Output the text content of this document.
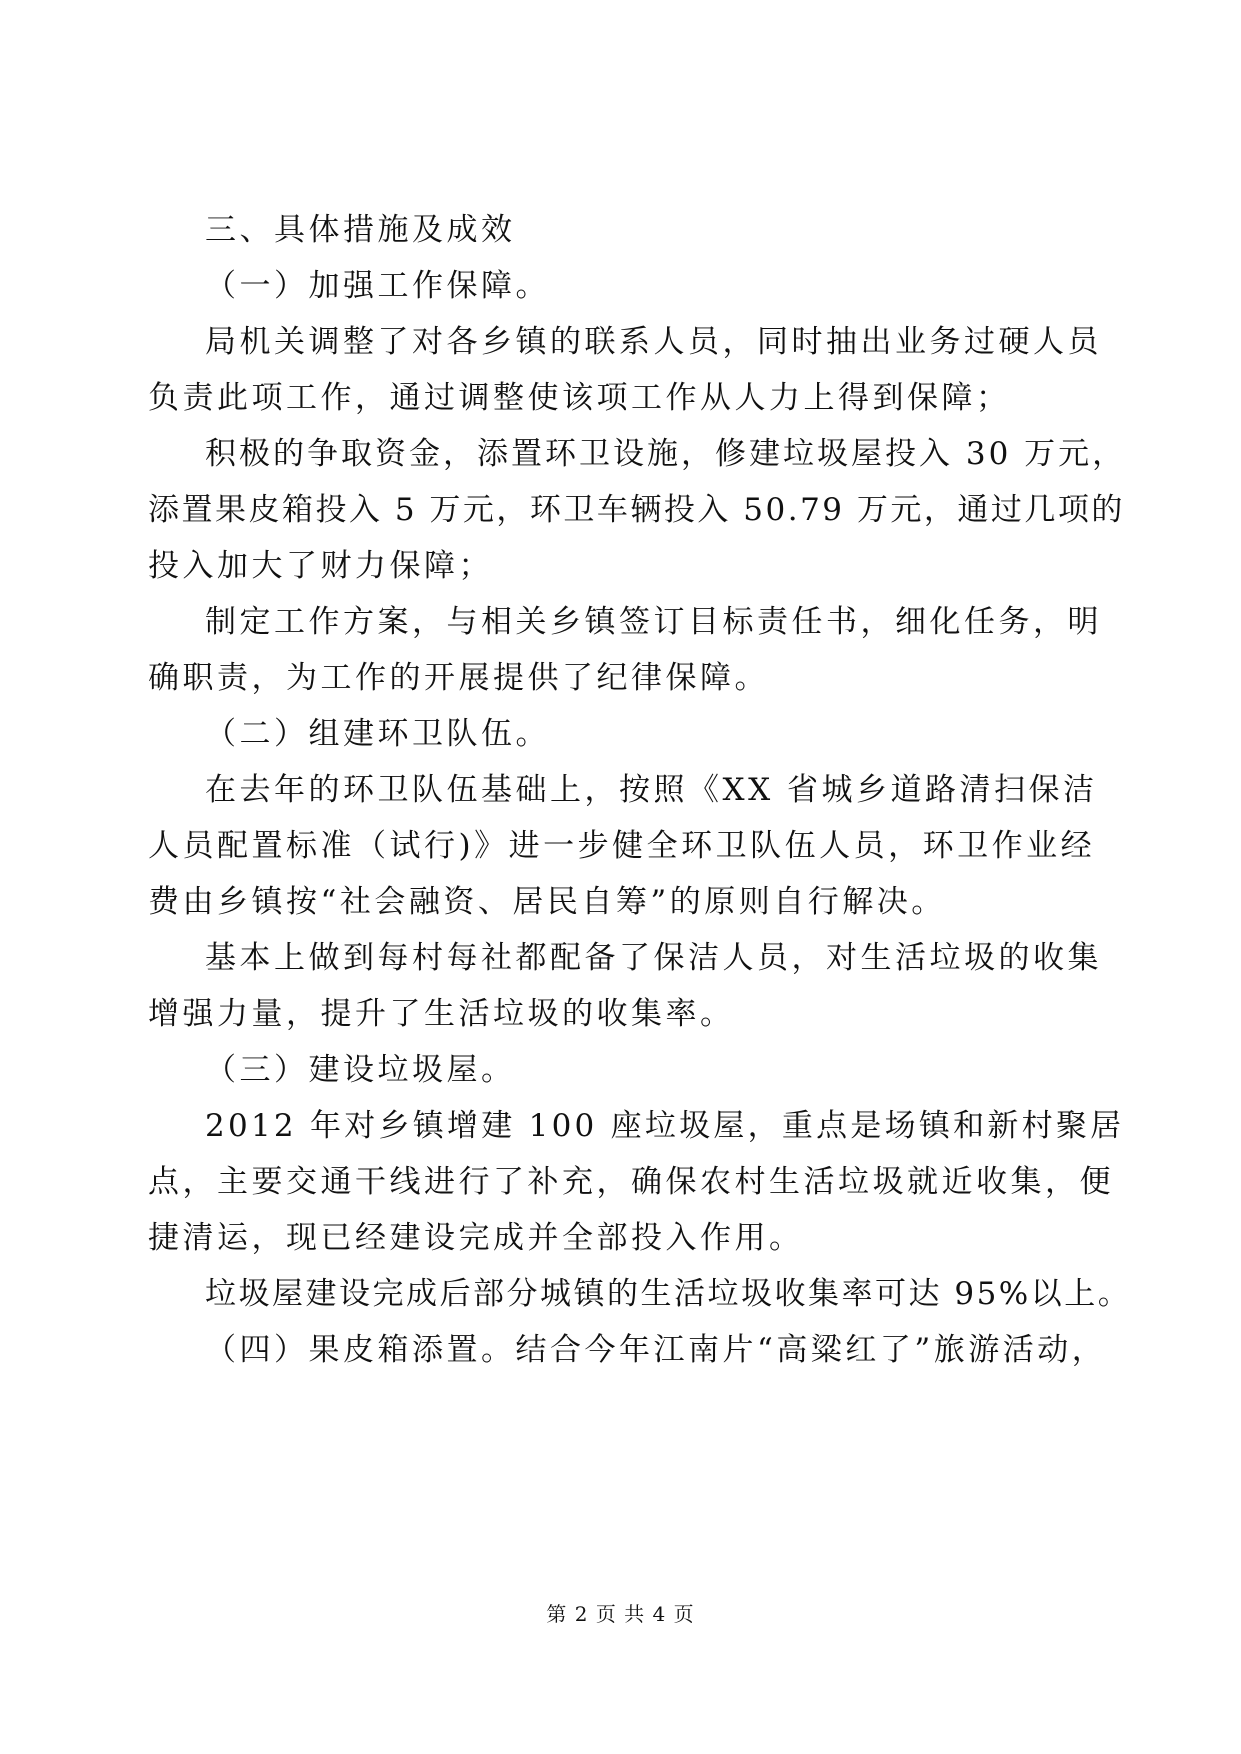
三、具体措施及成效

（一）加强工作保障。

局机关调整了对各乡镇的联系人员，同时抽出业务过硬人员

负责此项工作，通过调整使该项工作从人力上得到保障；

积极的争取资金，添置环卫设施，修建垃圾屋投入 30 万元，

添置果皮箱投入 5 万元，环卫车辆投入 50.79 万元，通过几项的

投入加大了财力保障；

制定工作方案，与相关乡镇签订目标责任书，细化任务，明

确职责，为工作的开展提供了纪律保障。

（二）组建环卫队伍。

在去年的环卫队伍基础上，按照《XX 省城乡道路清扫保洁

人员配置标准（试行)》进一步健全环卫队伍人员，环卫作业经

费由乡镇按“社会融资、居民自筹”的原则自行解决。

基本上做到每村每社都配备了保洁人员，对生活垃圾的收集

增强力量，提升了生活垃圾的收集率。

（三）建设垃圾屋。

2012 年对乡镇增建 100 座垃圾屋，重点是场镇和新村聚居

点，主要交通干线进行了补充，确保农村生活垃圾就近收集，便

捷清运，现已经建设完成并全部投入作用。

垃圾屋建设完成后部分城镇的生活垃圾收集率可达 95%以上。

（四）果皮箱添置。结合今年江南片“高粱红了”旅游活动，

第 2 页 共 4 页
